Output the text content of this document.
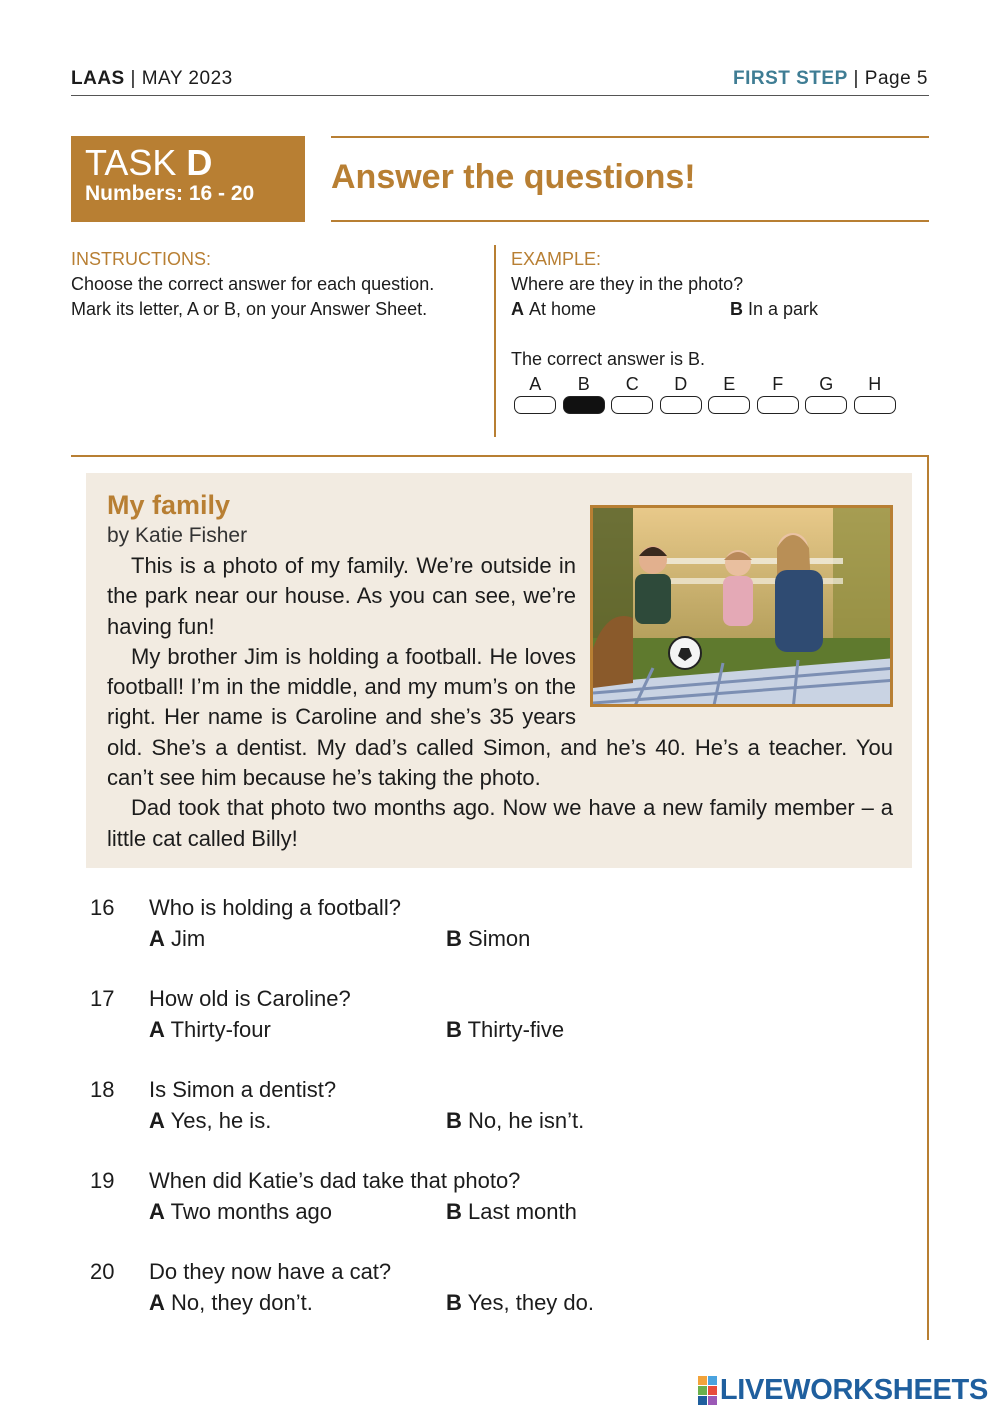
LAAS | MAY 2023	FIRST STEP | Page 5
TASK D
Numbers: 16 - 20	Answer the questions!
INSTRUCTIONS:
Choose the correct answer for each question.
Mark its letter, A or B, on your Answer Sheet.
EXAMPLE:
Where are they in the photo?
A At home	B In a park
The correct answer is B.
A	B	C	D	E	F	G	H
My family
by Katie Fisher

This is a photo of my family. We’re outside in the park near our house. As you can see, we’re having fun!

My brother Jim is holding a football. He loves football! I’m in the middle, and my mum’s on the right. Her name is Caroline and she’s 35 years old. She’s a dentist. My dad’s called Simon, and he’s 40. He’s a teacher. You can’t see him because he’s taking the photo.

Dad took that photo two months ago. Now we have a new family member – a little cat called Billy!

16	Who is holding a football?
A Jim	B Simon
17	How old is Caroline?
A Thirty-four	B Thirty-five
18	Is Simon a dentist?
A Yes, he is.	B No, he isn’t.
19	When did Katie’s dad take that photo?
A Two months ago	B Last month
20	Do they now have a cat?
A No, they don’t.	B Yes, they do.
LIVEWORKSHEETS
